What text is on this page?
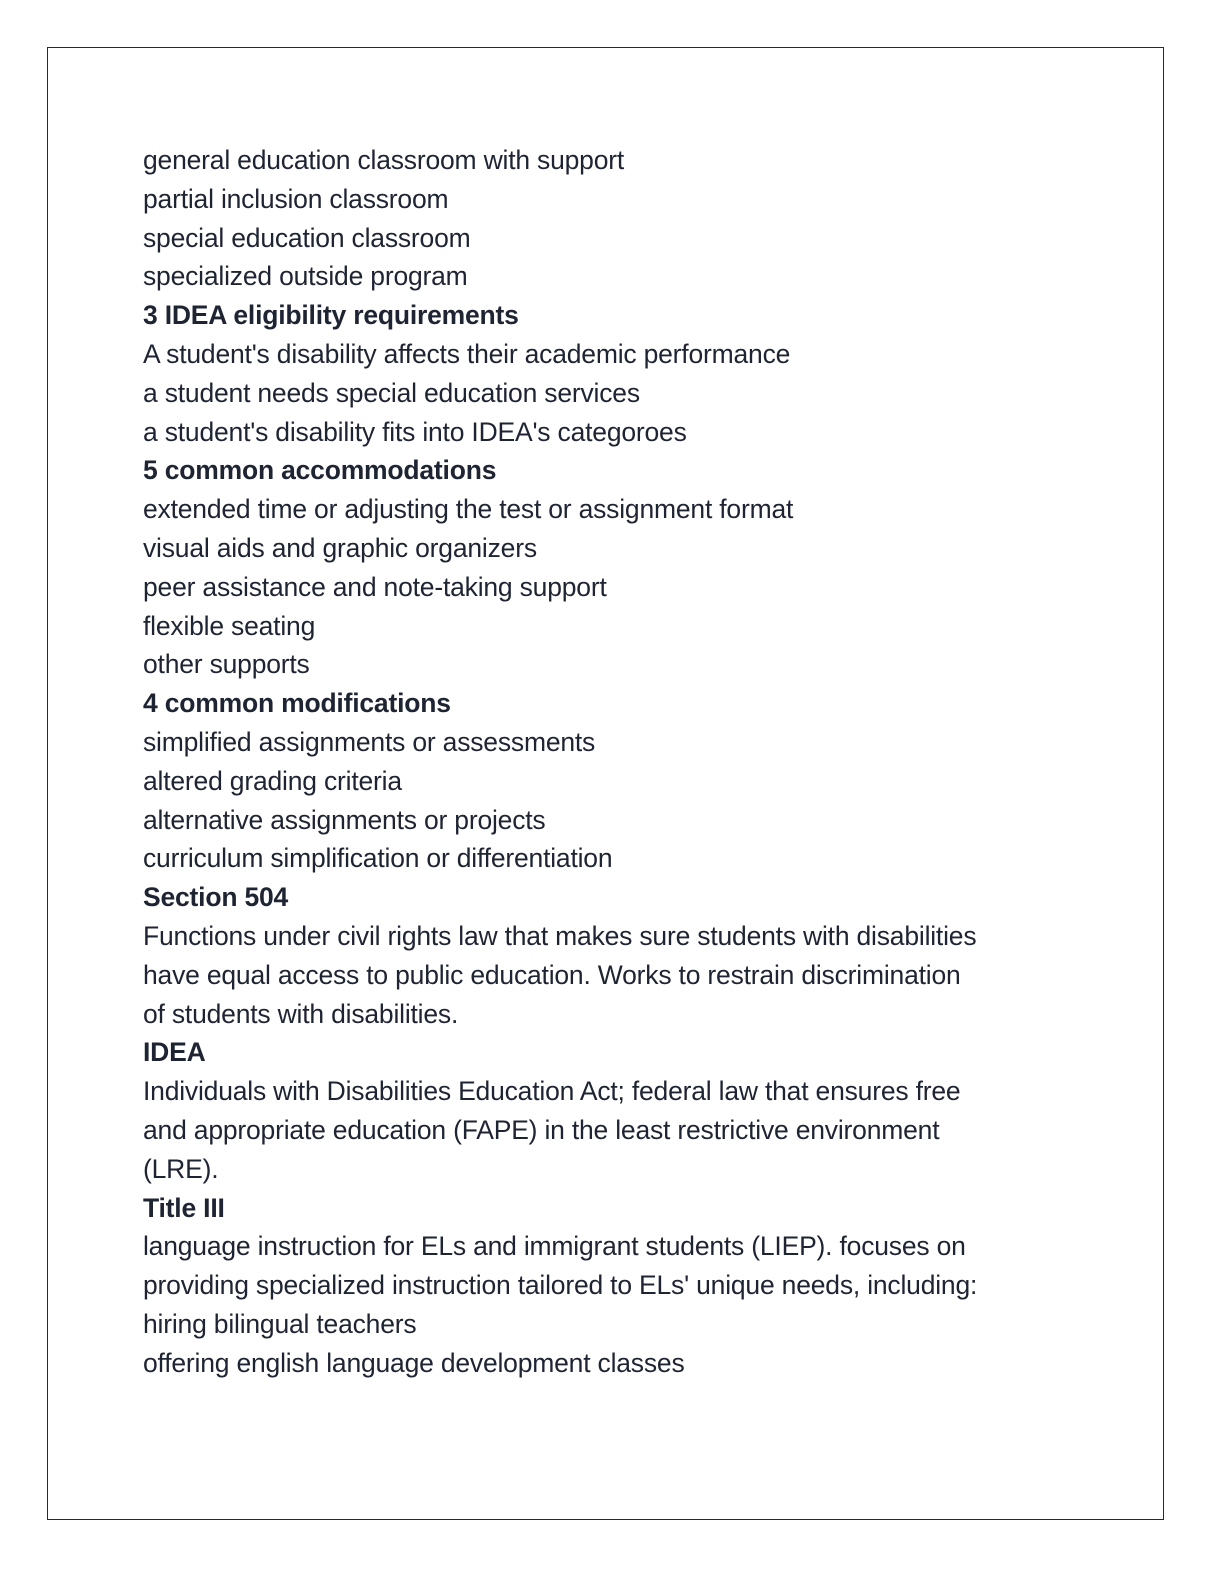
general education classroom with support
partial inclusion classroom
special education classroom
specialized outside program
3 IDEA eligibility requirements
A student's disability affects their academic performance
a student needs special education services
a student's disability fits into IDEA's categoroes
5 common accommodations
extended time or adjusting the test or assignment format
visual aids and graphic organizers
peer assistance and note-taking support
flexible seating
other supports
4 common modifications
simplified assignments or assessments
altered grading criteria
alternative assignments or projects
curriculum simplification or differentiation
Section 504
Functions under civil rights law that makes sure students with disabilities
have equal access to public education. Works to restrain discrimination
of students with disabilities.
IDEA
Individuals with Disabilities Education Act; federal law that ensures free
and appropriate education (FAPE) in the least restrictive environment
(LRE).
Title III
language instruction for ELs and immigrant students (LIEP). focuses on
providing specialized instruction tailored to ELs' unique needs, including:
hiring bilingual teachers
offering english language development classes
